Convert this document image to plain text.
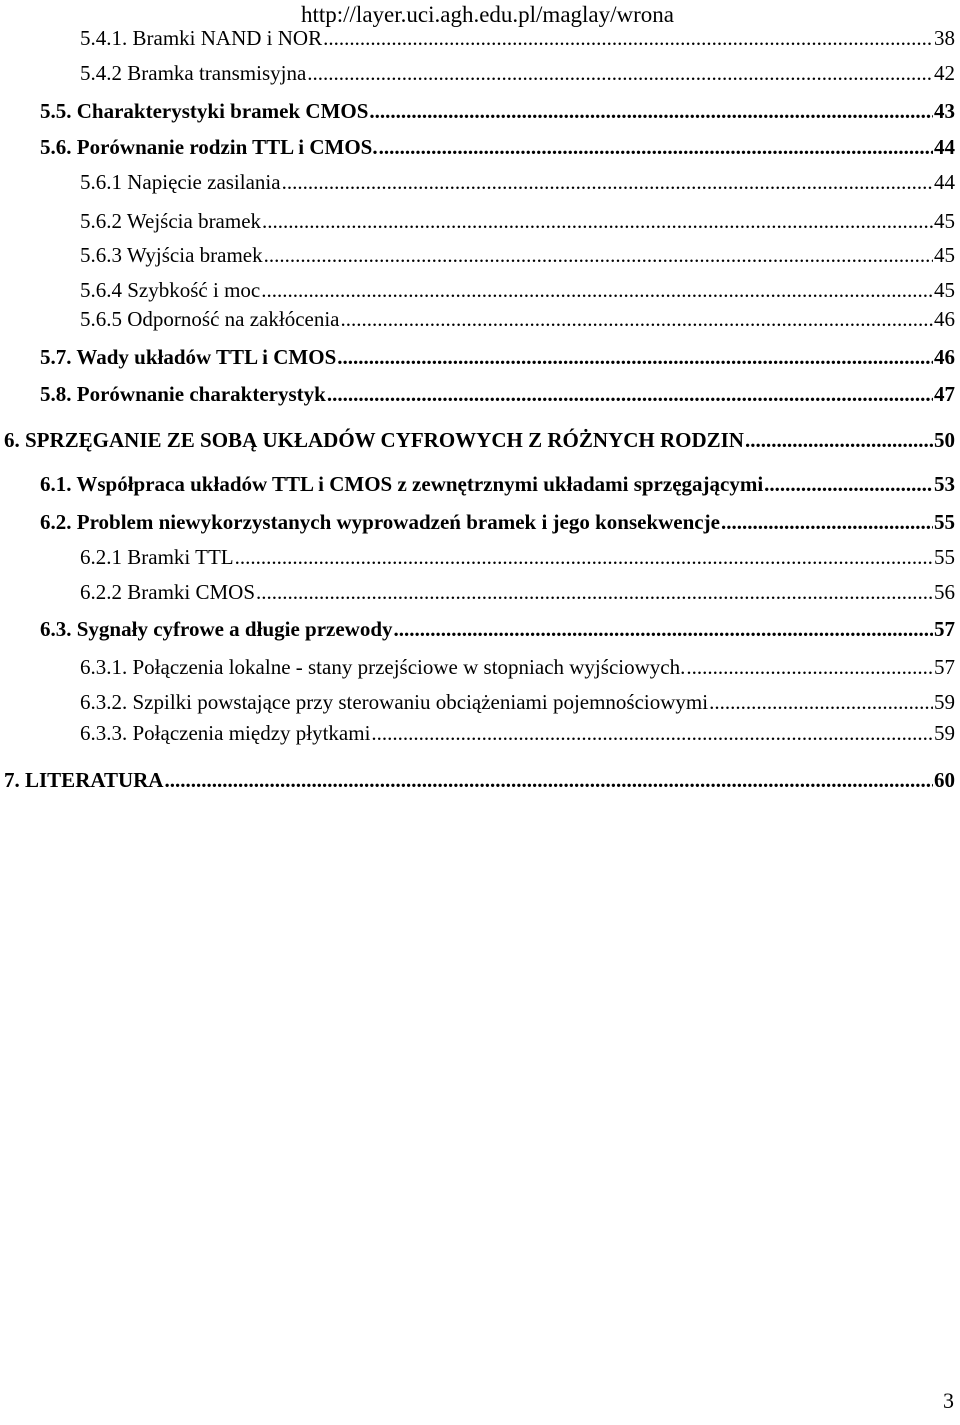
http://layer.uci.agh.edu.pl/maglay/wrona
5.4.1. Bramki NAND i NOR .....	38
5.4.2 Bramka transmisyjna .....	42
5.5. Charakterystyki bramek CMOS .....	43
5.6. Porównanie rodzin TTL i CMOS. .....	44
5.6.1 Napięcie zasilania .....	44
5.6.2 Wejścia bramek .....	45
5.6.3 Wyjścia bramek .....	45
5.6.4 Szybkość i moc .....	45
5.6.5 Odporność na zakłócenia .....	46
5.7. Wady układów TTL i CMOS .....	46
5.8. Porównanie charakterystyk .....	47
6. SPRZĘGANIE ZE SOBĄ UKŁADÓW CYFROWYCH Z RÓŻNYCH RODZIN .....	50
6.1. Współpraca układów TTL i CMOS z zewnętrznymi układami sprzęgającymi .....	53
6.2. Problem niewykorzystanych wyprowadzeń bramek i jego konsekwencje .....	55
6.2.1 Bramki TTL .....	55
6.2.2 Bramki CMOS .....	56
6.3. Sygnały cyfrowe a długie przewody .....	57
6.3.1. Połączenia lokalne - stany przejściowe w stopniach wyjściowych. .....	57
6.3.2. Szpilki powstające przy sterowaniu obciążeniami pojemnościowymi .....	59
6.3.3. Połączenia między płytkami .....	59
7. LITERATURA .....	60
3
